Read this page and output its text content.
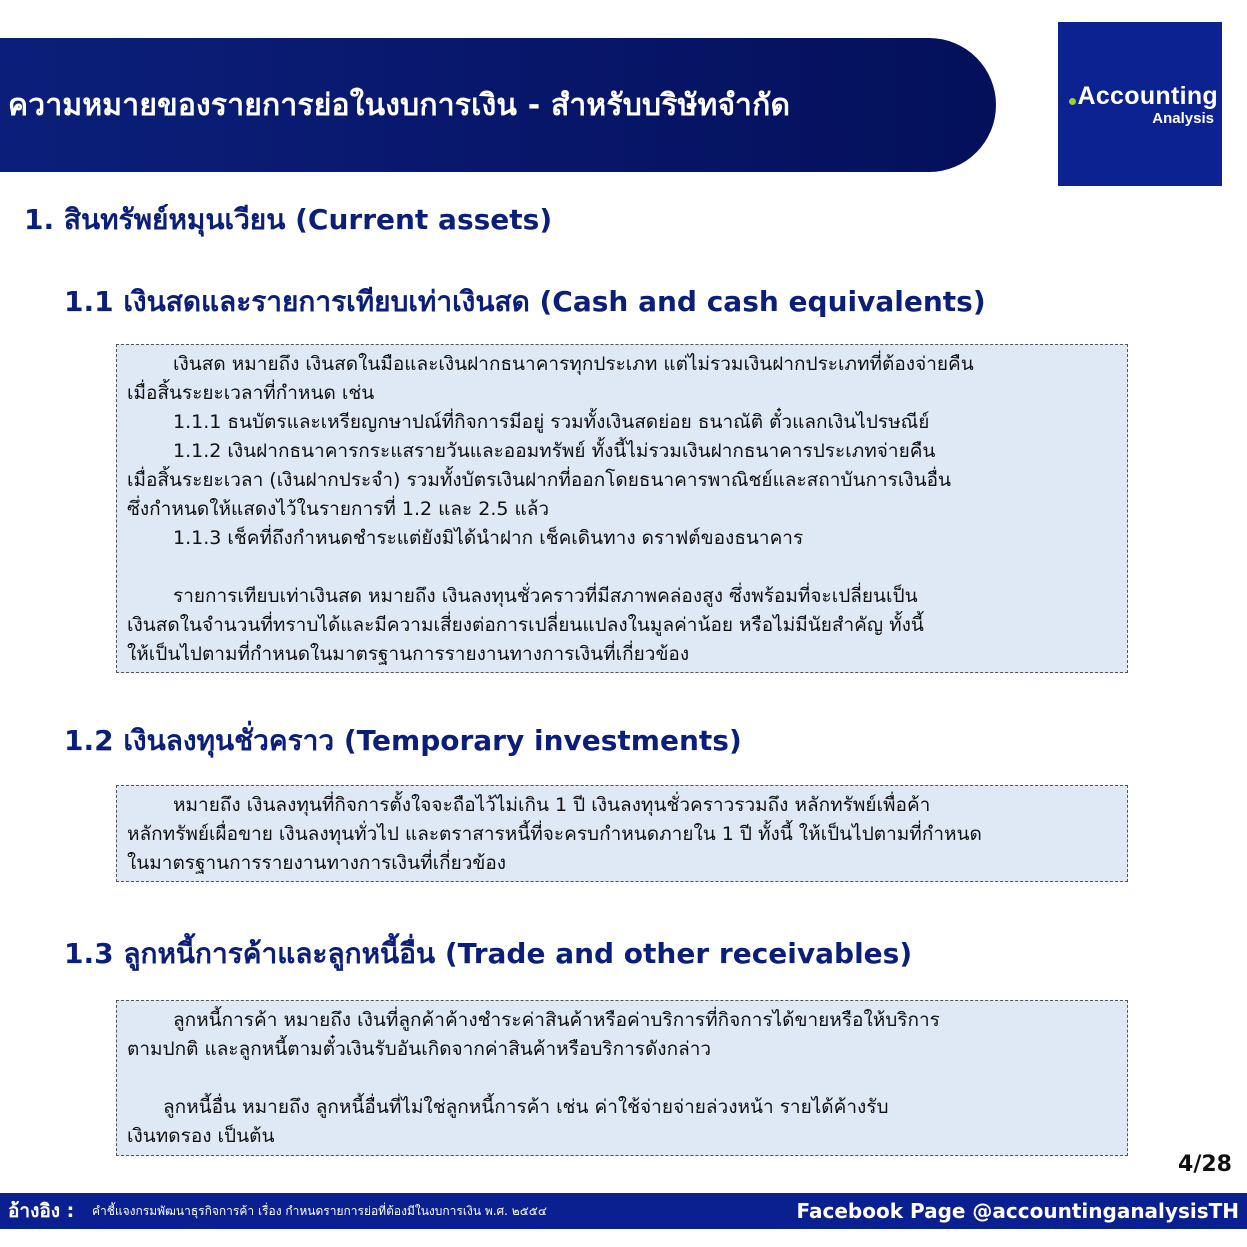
ความหมายของรายการย่อในงบการเงิน - สำหรับบริษัทจำกัด	Accounting
Analysis
1. สินทรัพย์หมุนเวียน (Current assets)
1.1 เงินสดและรายการเทียบเท่าเงินสด (Cash and cash equivalents)

เงินสด หมายถึง เงินสดในมือและเงินฝากธนาคารทุกประเภท แต่ไม่รวมเงินฝากประเภทที่ต้องจ่ายคืน

เมื่อสิ้นระยะเวลาที่กำหนด เช่น

1.1.1 ธนบัตรและเหรียญกษาปณ์ที่กิจการมีอยู่ รวมทั้งเงินสดย่อย ธนาณัติ ตั๋วแลกเงินไปรษณีย์

1.1.2 เงินฝากธนาคารกระแสรายวันและออมทรัพย์ ทั้งนี้ไม่รวมเงินฝากธนาคารประเภทจ่ายคืน

เมื่อสิ้นระยะเวลา (เงินฝากประจำ) รวมทั้งบัตรเงินฝากที่ออกโดยธนาคารพาณิชย์และสถาบันการเงินอื่น

ซึ่งกำหนดให้แสดงไว้ในรายการที่ 1.2 และ 2.5 แล้ว

1.1.3 เช็คที่ถึงกำหนดชำระแต่ยังมิได้นำฝาก เช็คเดินทาง ดราฟต์ของธนาคาร

รายการเทียบเท่าเงินสด หมายถึง เงินลงทุนชั่วคราวที่มีสภาพคล่องสูง ซึ่งพร้อมที่จะเปลี่ยนเป็น

เงินสดในจำนวนที่ทราบได้และมีความเสี่ยงต่อการเปลี่ยนแปลงในมูลค่าน้อย หรือไม่มีนัยสำคัญ ทั้งนี้

ให้เป็นไปตามที่กำหนดในมาตรฐานการรายงานทางการเงินที่เกี่ยวข้อง

1.2 เงินลงทุนชั่วคราว (Temporary investments)

หมายถึง เงินลงทุนที่กิจการตั้งใจจะถือไว้ไม่เกิน 1 ปี เงินลงทุนชั่วคราวรวมถึง หลักทรัพย์เพื่อค้า

หลักทรัพย์เผื่อขาย เงินลงทุนทั่วไป และตราสารหนี้ที่จะครบกำหนดภายใน 1 ปี ทั้งนี้ ให้เป็นไปตามที่กำหนด

ในมาตรฐานการรายงานทางการเงินที่เกี่ยวข้อง

1.3 ลูกหนี้การค้าและลูกหนี้อื่น (Trade and other receivables)

ลูกหนี้การค้า หมายถึง เงินที่ลูกค้าค้างชำระค่าสินค้าหรือค่าบริการที่กิจการได้ขายหรือให้บริการ

ตามปกติ และลูกหนี้ตามตั๋วเงินรับอันเกิดจากค่าสินค้าหรือบริการดังกล่าว

ลูกหนี้อื่น หมายถึง ลูกหนี้อื่นที่ไม่ใช่ลูกหนี้การค้า เช่น ค่าใช้จ่ายจ่ายล่วงหน้า รายได้ค้างรับ

เงินทดรอง เป็นต้น

4/28
อ้างอิง : คำชี้แจงกรมพัฒนาธุรกิจการค้า เรื่อง กำหนดรายการย่อที่ต้องมีในงบการเงิน พ.ศ. ๒๕๕๔	Facebook Page @accountinganalysisTH
